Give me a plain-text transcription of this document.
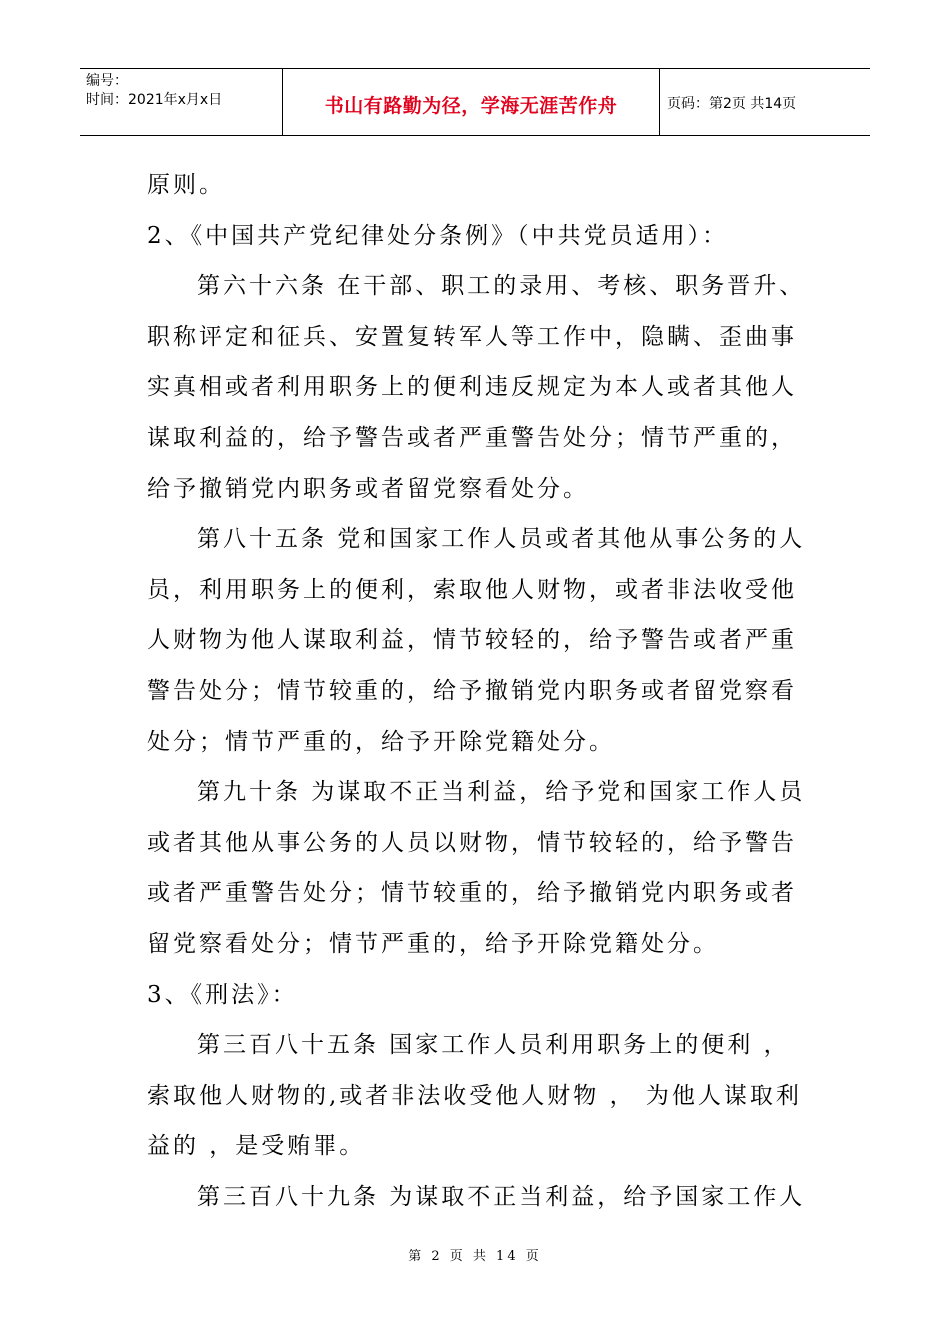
编号：
时间：2021年x月x日	书山有路勤为径，学海无涯苦作舟	页码：第2页 共14页

原则。

2、《中国共产党纪律处分条例》（中共党员适用）：

第六十六条 在干部、职工的录用、考核、职务晋升、

职称评定和征兵、安置复转军人等工作中，隐瞒、歪曲事

实真相或者利用职务上的便利违反规定为本人或者其他人

谋取利益的，给予警告或者严重警告处分；情节严重的，

给予撤销党内职务或者留党察看处分。

第八十五条 党和国家工作人员或者其他从事公务的人

员，利用职务上的便利，索取他人财物，或者非法收受他

人财物为他人谋取利益，情节较轻的，给予警告或者严重

警告处分；情节较重的，给予撤销党内职务或者留党察看

处分；情节严重的，给予开除党籍处分。

第九十条 为谋取不正当利益，给予党和国家工作人员

或者其他从事公务的人员以财物，情节较轻的，给予警告

或者严重警告处分；情节较重的，给予撤销党内职务或者

留党察看处分；情节严重的，给予开除党籍处分。

3、《刑法》：

第三百八十五条 国家工作人员利用职务上的便利 ，

索取他人财物的,或者非法收受他人财物 ， 为他人谋取利

益的 ，是受贿罪。

第三百八十九条 为谋取不正当利益，给予国家工作人

第 2 页 共 14 页
